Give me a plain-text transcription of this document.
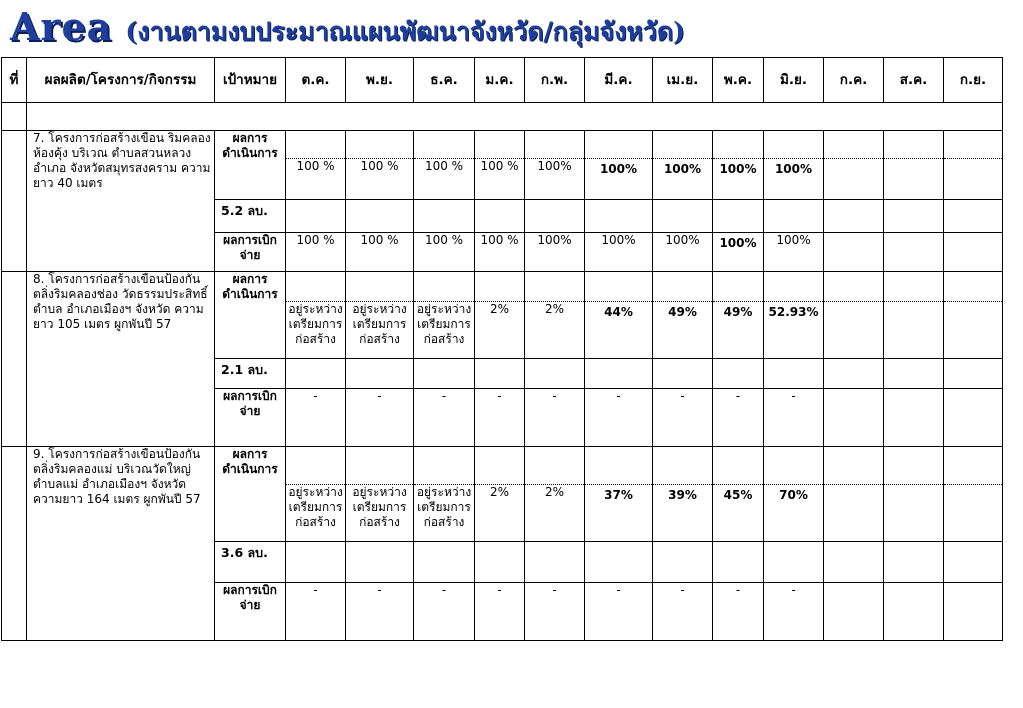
Area (งานตามงบประมาณแผนพัฒนาจังหวัด/กลุ่มจังหวัด)
ที่	ผลผลิต/โครงการ/กิจกรรม	เป้าหมาย	ต.ค.	พ.ย.	ธ.ค.	ม.ค.	ก.พ.	มี.ค.	เม.ย.	พ.ค.	มิ.ย.	ก.ค.	ส.ค.	ก.ย.

	7. โครงการก่อสร้างเขื่อน ริมคลองห้องคุ้ง บริเวณ ตำบลสวนหลวง อำเภอ จังหวัดสมุทรสงคราม ความยาว 40 เมตร	ผลการดำเนินการ												
			100 %	100 %	100 %	100 %	100%	100%	100%	100%	100%			
		5.2 ลบ.												
		ผลการเบิกจ่าย	100 %	100 %	100 %	100 %	100%	100%	100%	100%	100%			
	8. โครงการก่อสร้างเขื่อนป้องกันตลิ่งริมคลองช่อง วัดธรรมประสิทธิ์ ตำบล อำเภอเมืองฯ จังหวัด ความยาว 105 เมตร ผูกพันปี 57	ผลการดำเนินการ												
			อยู่ระหว่างเตรียมการก่อสร้าง	อยู่ระหว่างเตรียมการก่อสร้าง	อยู่ระหว่างเตรียมการก่อสร้าง	2%	2%	44%	49%	49%	52.93%			
		2.1 ลบ.												
		ผลการเบิกจ่าย	-	-	-	-	-	-	-	-	-			
	9. โครงการก่อสร้างเขื่อนป้องกันตลิ่งริมคลองแม่ บริเวณวัดใหญ่ ตำบลแม่ อำเภอเมืองฯ จังหวัด ความยาว 164 เมตร ผูกพันปี 57	ผลการดำเนินการ												
			อยู่ระหว่างเตรียมการก่อสร้าง	อยู่ระหว่างเตรียมการก่อสร้าง	อยู่ระหว่างเตรียมการก่อสร้าง	2%	2%	37%	39%	45%	70%			
		3.6 ลบ.												
		ผลการเบิกจ่าย	-	-	-	-	-	-	-	-	-			
